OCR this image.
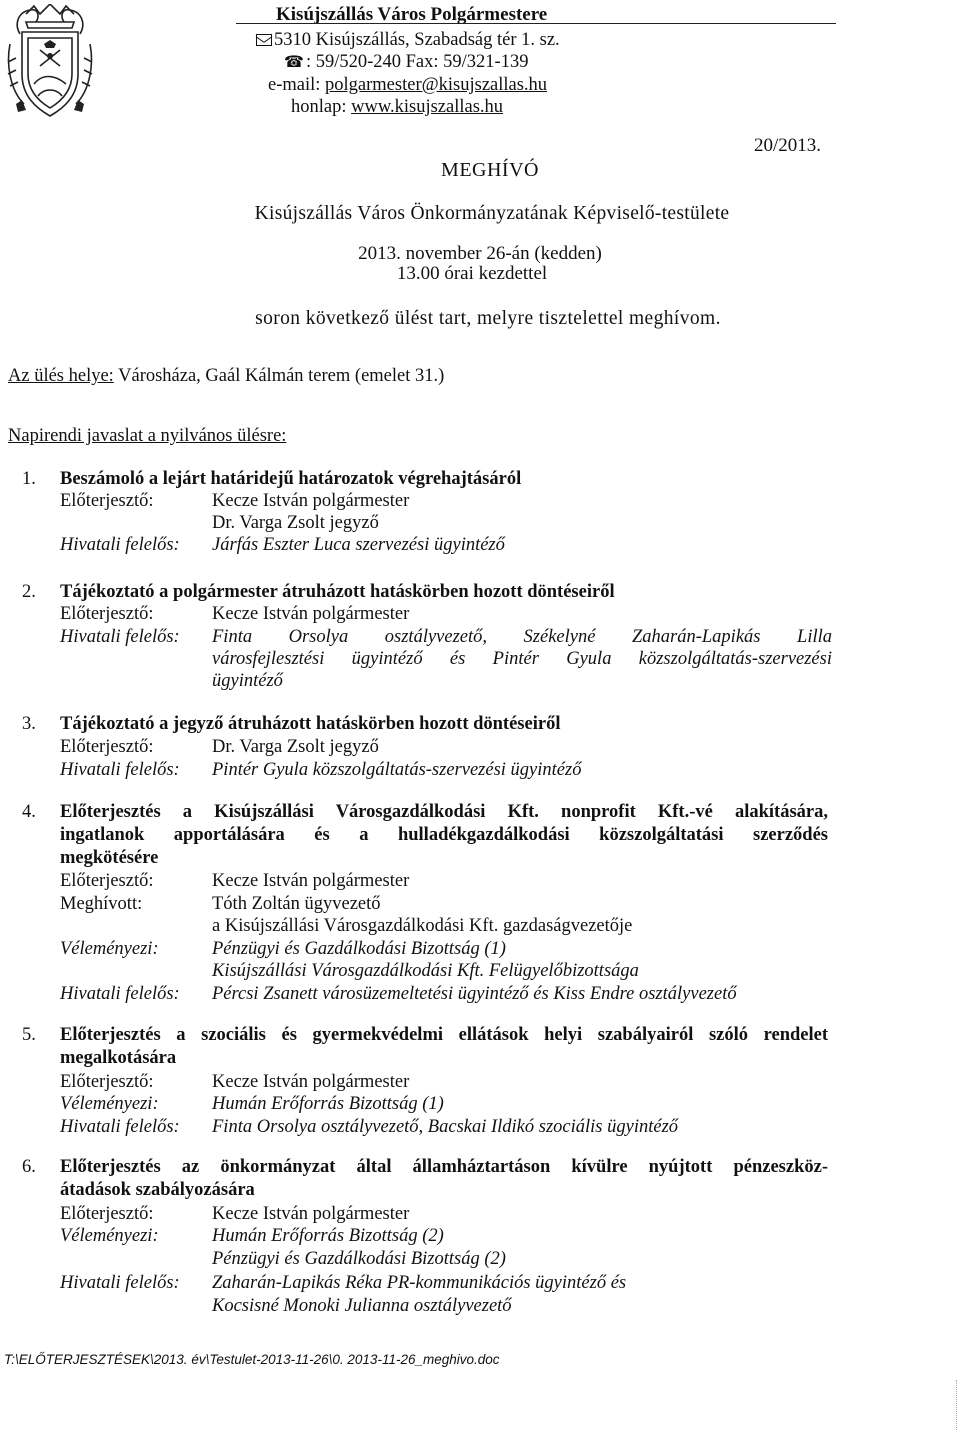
Kisújszállás Város Polgármestere
5310 Kisújszállás, Szabadság tér 1. sz.
☎ : 59/520-240 Fax: 59/321-139
e-mail: polgarmester@kisujszallas.hu
honlap: www.kisujszallas.hu
20/2013.
MEGHÍVÓ
Kisújszállás Város Önkormányzatának Képviselő-testülete
2013. november 26-án (kedden)
13.00 órai kezdettel
soron következő ülést tart, melyre tisztelettel meghívom.
Az ülés helye: Városháza, Gaál Kálmán terem (emelet 31.)
Napirendi javaslat a nyilvános ülésre:
1. Beszámoló a lejárt határidejű határozatok végrehajtásáról
Előterjesztő:	Kecze István polgármester
Dr. Varga Zsolt jegyző
Hivatali felelős: Járfás Eszter Luca szervezési ügyintéző
2. Tájékoztató a polgármester átruházott hatáskörben hozott döntéseiről
Előterjesztő:	Kecze István polgármester
Hivatali felelős: Finta Orsolya osztályvezető, Székelyné Zaharán-Lapikás Lilla
városfejlesztési ügyintéző és Pintér Gyula közszolgáltatás-szervezési
ügyintéző
3. Tájékoztató a jegyző átruházott hatáskörben hozott döntéseiről
Előterjesztő:	Dr. Varga Zsolt jegyző
Hivatali felelős: Pintér Gyula közszolgáltatás-szervezési ügyintéző
4. Előterjesztés a Kisújszállási Városgazdálkodási Kft. nonprofit Kft.-vé alakítására,
ingatlanok apportálására és a hulladékgazdálkodási közszolgáltatási szerződés
megkötésére
Előterjesztő:	Kecze István polgármester
Meghívott:	Tóth Zoltán ügyvezető
a Kisújszállási Városgazdálkodási Kft. gazdaságvezetője
Véleményezi:	Pénzügyi és Gazdálkodási Bizottság (1)
Kisújszállási Városgazdálkodási Kft. Felügyelőbizottsága
Hivatali felelős: Pércsi Zsanett városüzemeltetési ügyintéző és Kiss Endre osztályvezető
5. Előterjesztés a szociális és gyermekvédelmi ellátások helyi szabályairól szóló rendelet
megalkotására
Előterjesztő:	Kecze István polgármester
Véleményezi:	Humán Erőforrás Bizottság (1)
Hivatali felelős: Finta Orsolya osztályvezető, Bacskai Ildikó szociális ügyintéző
6. Előterjesztés az önkormányzat által államháztartáson kívülre nyújtott pénzeszköz-
átadások szabályozására
Előterjesztő:	Kecze István polgármester
Véleményezi:	Humán Erőforrás Bizottság (2)
Pénzügyi és Gazdálkodási Bizottság (2)
Hivatali felelős: Zaharán-Lapikás Réka PR-kommunikációs ügyintéző és
Kocsisné Monoki Julianna osztályvezető
T:\ELŐTERJESZTÉSEK\2013. év\Testulet-2013-11-26\0. 2013-11-26_meghivo.doc
